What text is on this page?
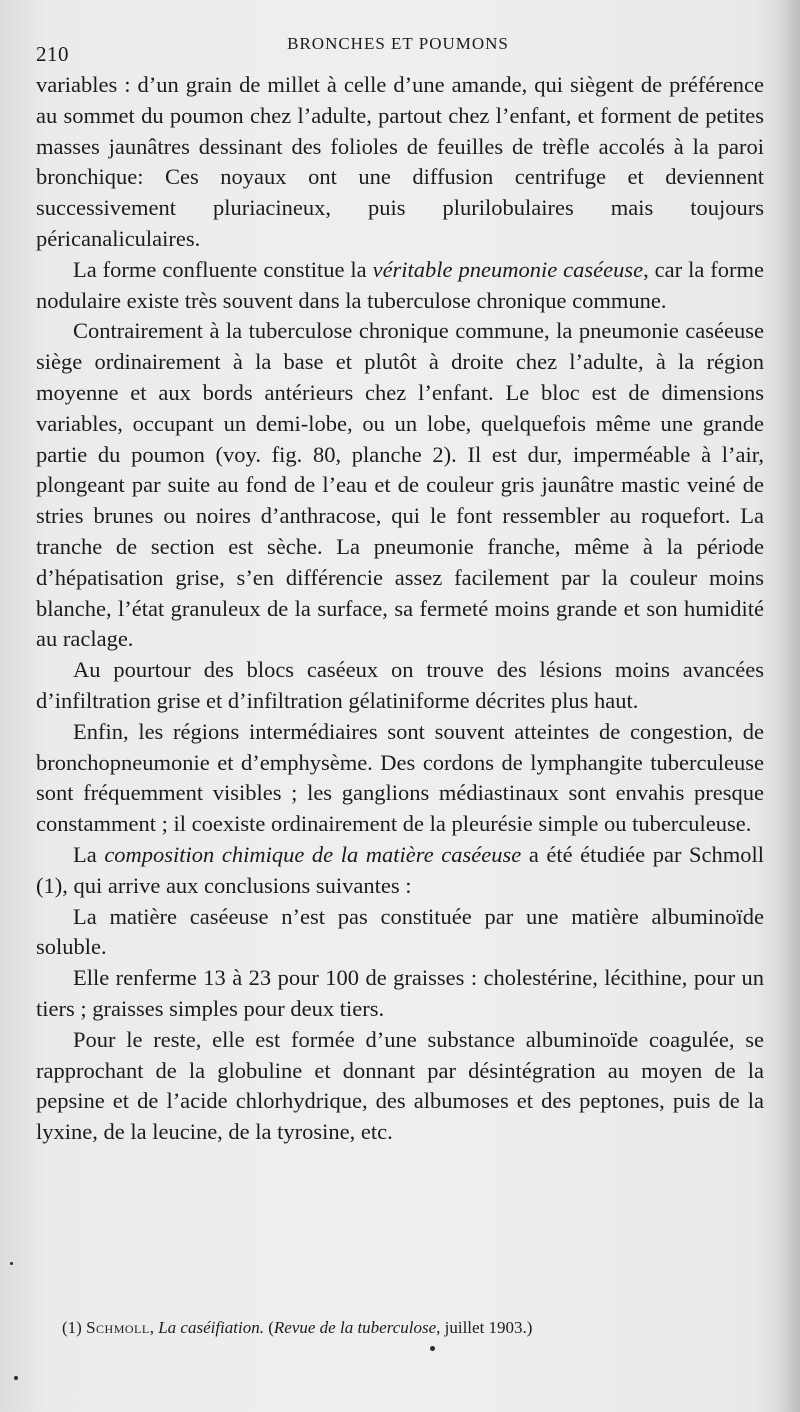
210	BRONCHES ET POUMONS

variables : d’un grain de millet à celle d’une amande, qui siègent de préférence au sommet du poumon chez l’adulte, partout chez l’enfant, et forment de petites masses jaunâtres dessinant des folioles de feuilles de trèfle accolés à la paroi bronchique: Ces noyaux ont une diffusion centrifuge et deviennent successivement pluriacineux, puis plurilobulaires mais toujours péricanaliculaires.

La forme confluente constitue la véritable pneumonie caséeuse, car la forme nodulaire existe très souvent dans la tuberculose chronique commune.

Contrairement à la tuberculose chronique commune, la pneumonie caséeuse siège ordinairement à la base et plutôt à droite chez l’adulte, à la région moyenne et aux bords antérieurs chez l’enfant. Le bloc est de dimensions variables, occupant un demi-lobe, ou un lobe, quelquefois même une grande partie du poumon (voy. fig. 80, planche 2). Il est dur, imperméable à l’air, plongeant par suite au fond de l’eau et de couleur gris jaunâtre mastic veiné de stries brunes ou noires d’anthracose, qui le font ressembler au roquefort. La tranche de section est sèche. La pneumonie franche, même à la période d’hépatisation grise, s’en différencie assez facilement par la couleur moins blanche, l’état granuleux de la surface, sa fermeté moins grande et son humidité au raclage.

Au pourtour des blocs caséeux on trouve des lésions moins avancées d’infiltration grise et d’infiltration gélatiniforme décrites plus haut.

Enfin, les régions intermédiaires sont souvent atteintes de congestion, de bronchopneumonie et d’emphysème. Des cordons de lymphangite tuberculeuse sont fréquemment visibles ; les ganglions médiastinaux sont envahis presque constamment ; il coexiste ordinairement de la pleurésie simple ou tuberculeuse.

La composition chimique de la matière caséeuse a été étudiée par Schmoll (1), qui arrive aux conclusions suivantes :

La matière caséeuse n’est pas constituée par une matière albuminoïde soluble.

Elle renferme 13 à 23 pour 100 de graisses : cholestérine, lécithine, pour un tiers ; graisses simples pour deux tiers.

Pour le reste, elle est formée d’une substance albuminoïde coagulée, se rapprochant de la globuline et donnant par désintégration au moyen de la pepsine et de l’acide chlorhydrique, des albumoses et des peptones, puis de la lyxine, de la leucine, de la tyrosine, etc.

(1) Schmoll, La caséifiation. (Revue de la tuberculose, juillet 1903.)
